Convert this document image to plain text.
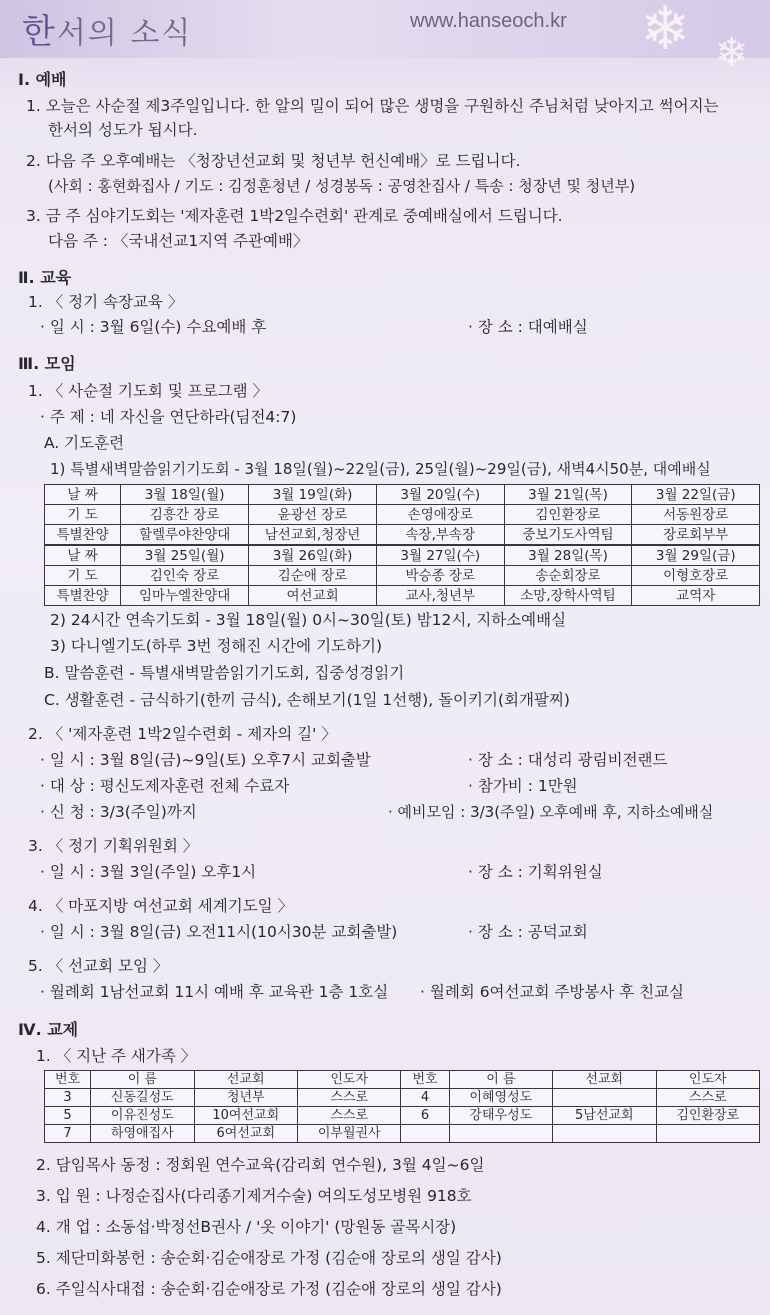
한서의 소식	www.hanseoch.kr ❄ ❄
Ⅰ. 예배
1. 오늘은 사순절 제3주일입니다. 한 알의 밀이 되어 많은 생명을 구원하신 주님처럼 낮아지고 썩어지는
한서의 성도가 됩시다.
2. 다음 주 오후예배는 〈청장년선교회 및 청년부 헌신예배〉로 드립니다.
(사회 : 홍현화집사 / 기도 : 김정훈청년 / 성경봉독 : 공영찬집사 / 특송 : 청장년 및 청년부)
3. 금 주 심야기도회는 '제자훈련 1박2일수련회' 관계로 중예배실에서 드립니다.
다음 주 : 〈국내선교1지역 주관예배〉
Ⅱ. 교육
1. 〈 정기 속장교육 〉
· 일 시 : 3월 6일(수) 수요예배 후	· 장 소 : 대예배실
Ⅲ. 모임
1. 〈 사순절 기도회 및 프로그램 〉
· 주 제 : 네 자신을 연단하라(딤전4:7)
A. 기도훈련
1) 특별새벽말씀읽기기도회 - 3월 18일(월)~22일(금), 25일(월)~29일(금), 새벽4시50분, 대예배실
날 짜	3월 18일(월)	3월 19일(화)	3월 20일(수)	3월 21일(목)	3월 22일(금)
기 도	김흥간 장로	윤광선 장로	손영애장로	김인환장로	서동원장로
특별찬양	할렐루야찬양대	남선교회,청장년	속장,부속장	중보기도사역팀	장로회부부
날 짜	3월 25일(월)	3월 26일(화)	3월 27일(수)	3월 28일(목)	3월 29일(금)
기 도	김인숙 장로	김순애 장로	박승종 장로	송순회장로	이형호장로
특별찬양	임마누엘찬양대	여선교회	교사,청년부	소망,장학사역팀	교역자
2) 24시간 연속기도회 - 3월 18일(월) 0시~30일(토) 밤12시, 지하소예배실
3) 다니엘기도(하루 3번 정해진 시간에 기도하기)
B. 말씀훈련 - 특별새벽말씀읽기기도회, 집중성경읽기
C. 생활훈련 - 금식하기(한끼 금식), 손해보기(1일 1선행), 돌이키기(회개팔찌)
2. 〈 '제자훈련 1박2일수련회 - 제자의 길' 〉
· 일 시 : 3월 8일(금)~9일(토) 오후7시 교회출발	· 장 소 : 대성리 광림비전랜드
· 대 상 : 평신도제자훈련 전체 수료자	· 참가비 : 1만원
· 신 청 : 3/3(주일)까지	· 예비모임 : 3/3(주일) 오후예배 후, 지하소예배실
3. 〈 정기 기획위원회 〉
· 일 시 : 3월 3일(주일) 오후1시	· 장 소 : 기획위원실
4. 〈 마포지방 여선교회 세계기도일 〉
· 일 시 : 3월 8일(금) 오전11시(10시30분 교회출발)	· 장 소 : 공덕교회
5. 〈 선교회 모임 〉
· 월례회 1남선교회 11시 예배 후 교육관 1층 1호실 · 월례회 6여선교회 주방봉사 후 친교실
Ⅳ. 교제
1. 〈 지난 주 새가족 〉
번호	이 름	선교회	인도자	번호	이 름	선교회	인도자
3	신동길성도	청년부	스스로	4	이혜영성도		스스로
5	이유진성도	10여선교회	스스로	6	강태우성도	5남선교회	김인환장로
7	하영애집사	6여선교회	이부월권사				
2. 담임목사 동정 : 정회원 연수교육(감리회 연수원), 3월 4일~6일
3. 입 원 : 나정순집사(다리종기제거수술) 여의도성모병원 918호
4. 개 업 : 소동섭·박정선B권사 / '옷 이야기' (망원동 골목시장)
5. 제단미화봉헌 : 송순회·김순애장로 가정 (김순애 장로의 생일 감사)
6. 주일식사대접 : 송순회·김순애장로 가정 (김순애 장로의 생일 감사)
